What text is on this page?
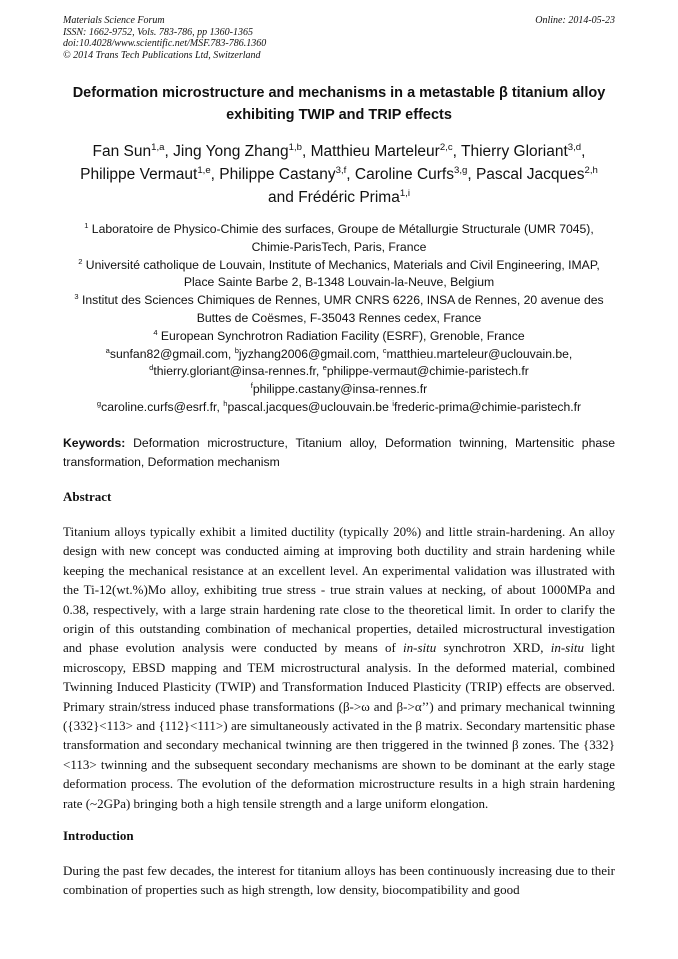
Materials Science Forum
ISSN: 1662-9752, Vols. 783-786, pp 1360-1365
doi:10.4028/www.scientific.net/MSF.783-786.1360
© 2014 Trans Tech Publications Ltd, Switzerland
Online: 2014-05-23
Deformation microstructure and mechanisms in a metastable β titanium alloy exhibiting TWIP and TRIP effects
Fan Sun$^{1,a}$, Jing Yong Zhang$^{1,b}$, Matthieu Marteleur$^{2,c}$, Thierry Gloriant$^{3,d}$,
Philippe Vermaut$^{1,e}$, Philippe Castany$^{3,f}$, Caroline Curfs$^{3,g}$, Pascal Jacques$^{2,h}$
and Frédéric Prima$^{1,i}$
$^1$ Laboratoire de Physico-Chimie des surfaces, Groupe de Métallurgie Structurale (UMR 7045), Chimie-ParisTech, Paris, France
$^2$ Université catholique de Louvain, Institute of Mechanics, Materials and Civil Engineering, IMAP, Place Sainte Barbe 2, B-1348 Louvain-la-Neuve, Belgium
$^3$ Institut des Sciences Chimiques de Rennes, UMR CNRS 6226, INSA de Rennes, 20 avenue des Buttes de Coësmes, F-35043 Rennes cedex, France
$^4$ European Synchrotron Radiation Facility (ESRF), Grenoble, France
$^a$sunfan82@gmail.com, $^b$jyzhang2006@gmail.com, $^c$matthieu.marteleur@uclouvain.be,
$^d$thierry.gloriant@insa-rennes.fr, $^e$philippe-vermaut@chimie-paristech.fr
$^f$philippe.castany@insa-rennes.fr
$^g$caroline.curfs@esrf.fr, $^h$pascal.jacques@uclouvain.be $^i$frederic-prima@chimie-paristech.fr
Keywords: Deformation microstructure, Titanium alloy, Deformation twinning, Martensitic phase transformation, Deformation mechanism
Abstract
Titanium alloys typically exhibit a limited ductility (typically 20%) and little strain-hardening. An alloy design with new concept was conducted aiming at improving both ductility and strain hardening while keeping the mechanical resistance at an excellent level. An experimental validation was illustrated with the Ti-12(wt.%)Mo alloy, exhibiting true stress - true strain values at necking, of about 1000MPa and 0.38, respectively, with a large strain hardening rate close to the theoretical limit. In order to clarify the origin of this outstanding combination of mechanical properties, detailed microstructural investigation and phase evolution analysis were conducted by means of in-situ synchrotron XRD, in-situ light microscopy, EBSD mapping and TEM microstructural analysis. In the deformed material, combined Twinning Induced Plasticity (TWIP) and Transformation Induced Plasticity (TRIP) effects are observed. Primary strain/stress induced phase transformations (β->ω and β->α’’) and primary mechanical twinning ({332}<113> and {112}<111>) are simultaneously activated in the β matrix. Secondary martensitic phase transformation and secondary mechanical twinning are then triggered in the twinned β zones. The {332}<113> twinning and the subsequent secondary mechanisms are shown to be dominant at the early stage deformation process. The evolution of the deformation microstructure results in a high strain hardening rate (~2GPa) bringing both a high tensile strength and a large uniform elongation.
Introduction
During the past few decades, the interest for titanium alloys has been continuously increasing due to their combination of properties such as high strength, low density, biocompatibility and good
